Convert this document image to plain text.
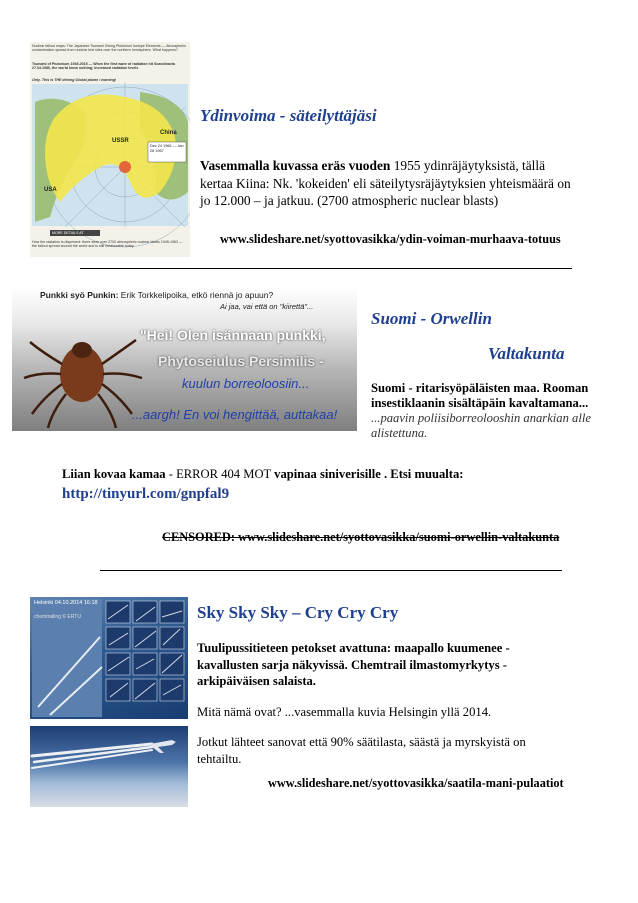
Nuclear fallout maps: The Japanese Tsunami Giving Plutonium Isotope Elements — Atmospheric contamination spread from nuclear test sites over the northern hemisphere. What happens?
Tsunami of Plutonium 1945-2015 — When the first wave of radiation hit Scandinavia 27.04.1986, the world knew nothing; increased radiation levels
Only. This is THE driving Global plume / warning!
USA
China
USSR
Dec 24 1966 — Jan 28 1967
MORE DETAILS AT
How the radiation is dispersed: there were over 2700 atmospheric nuclear blasts 1945-1963 — the fallout spread around the world and is still measurable today.
Ydinvoima - säteilyttäjäsi
Vasemmalla kuvassa eräs vuoden 1955 ydinräjäytyksistä, tällä kertaa Kiina: Nk. 'kokeiden' eli säteilytysräjäytyksien yhteismäärä on jo 12.000 – ja jatkuu. (2700 atmospheric nuclear blasts)
www.slideshare.net/syottovasikka/ydin-voiman-murhaava-totuus
Punkki syö Punkin: Erik Torkkelipoika, etkö riennä jo apuun?
Ai jaa, vai että on "kiirettä"...
"Hei! Olen isännaan punkki,
Phytoseiulus Persimilis -
kuulun borreoloosiin...
...aargh! En voi hengittää, auttakaa!
Suomi - Orwellin
Valtakunta
Suomi - ritarisyöpäläisten maa. Rooman insestiklaanin sisältäpäin kavaltamana...
...paavin poliisiborreolooshin anarkian alle alistettuna.
Liian kovaa kamaa - ERROR 404 MOT vapinaa siniverisille . Etsi muualta:
http://tinyurl.com/gnpfal9
CENSORED: www.slideshare.net/syottovasikka/suomi-orwellin-valtakunta
Helsinki 04.10.2014 16:18
chemtrailing © ERTU	Sky Sky Sky – Cry Cry Cry
Tuulipussitieteen petokset avattuna: maapallo kuumenee - kavallusten sarja näkyvissä. Chemtrail ilmastomyrkytys - arkipäiväisen salaista.
Mitä nämä ovat? ...vasemmalla kuvia Helsingin yllä 2014.
Jotkut lähteet sanovat että 90% säätilasta, säästä ja myrskyistä on tehtailtu.
www.slideshare.net/syottovasikka/saatila-mani-pulaatiot
